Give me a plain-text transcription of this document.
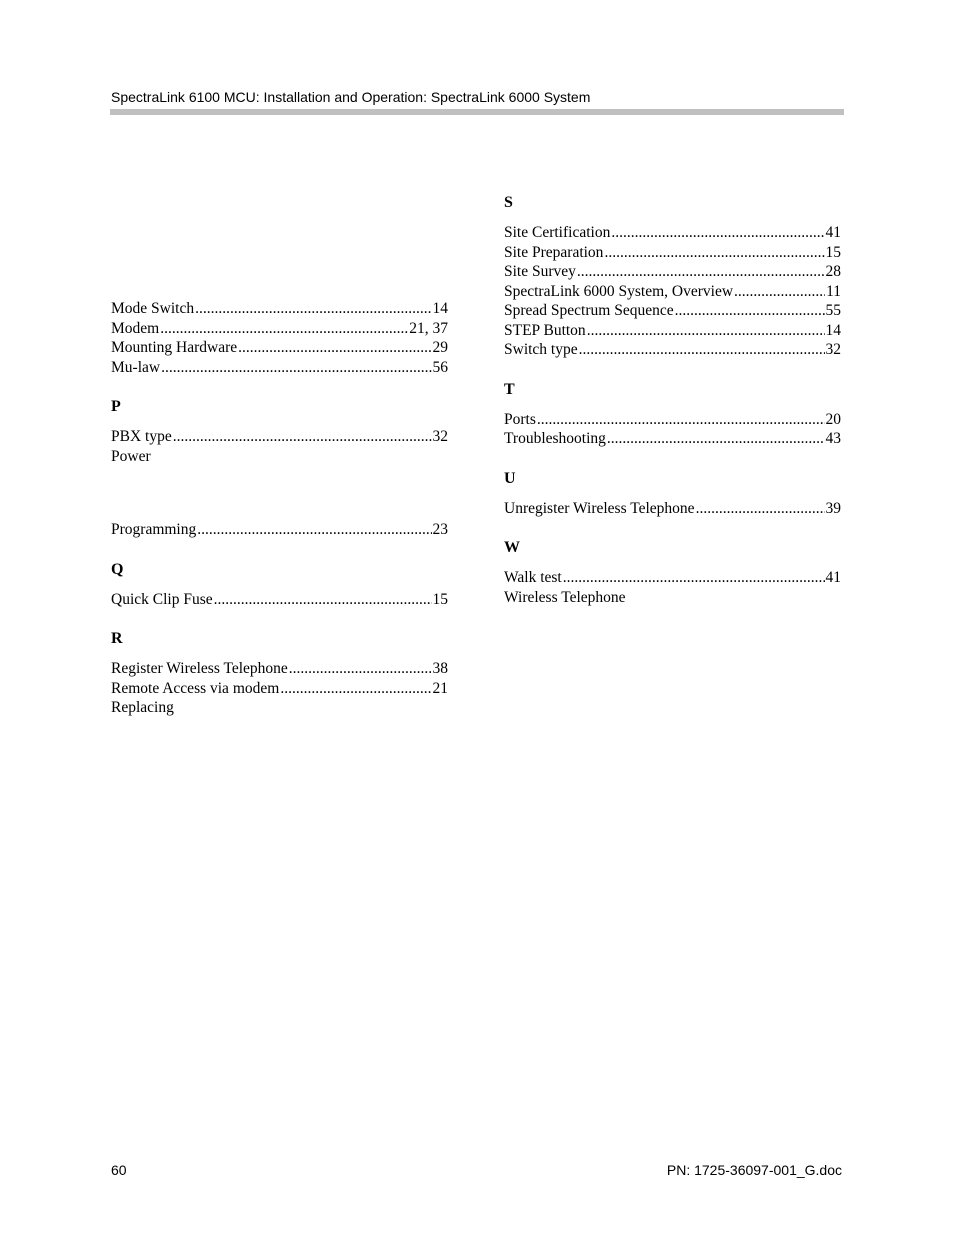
SpectraLink 6100 MCU: Installation and Operation: SpectraLink 6000 System
Mode Switch .....	14
Modem .....	21, 37
Mounting Hardware .....	29
Mu-law .....	56
P
PBX type .....	32
Power
Programming .....	23
Q
Quick Clip Fuse .....	15
R
Register Wireless Telephone .....	38
Remote Access via modem .....	21
Replacing
S
Site Certification .....	41
Site Preparation .....	15
Site Survey .....	28
SpectraLink 6000 System, Overview .....	11
Spread Spectrum Sequence .....	55
STEP Button .....	14
Switch type .....	32
T
Ports .....	20
Troubleshooting .....	43
U
Unregister Wireless Telephone .....	39
W
Walk test .....	41
Wireless Telephone
60	PN: 1725-36097-001_G.doc
